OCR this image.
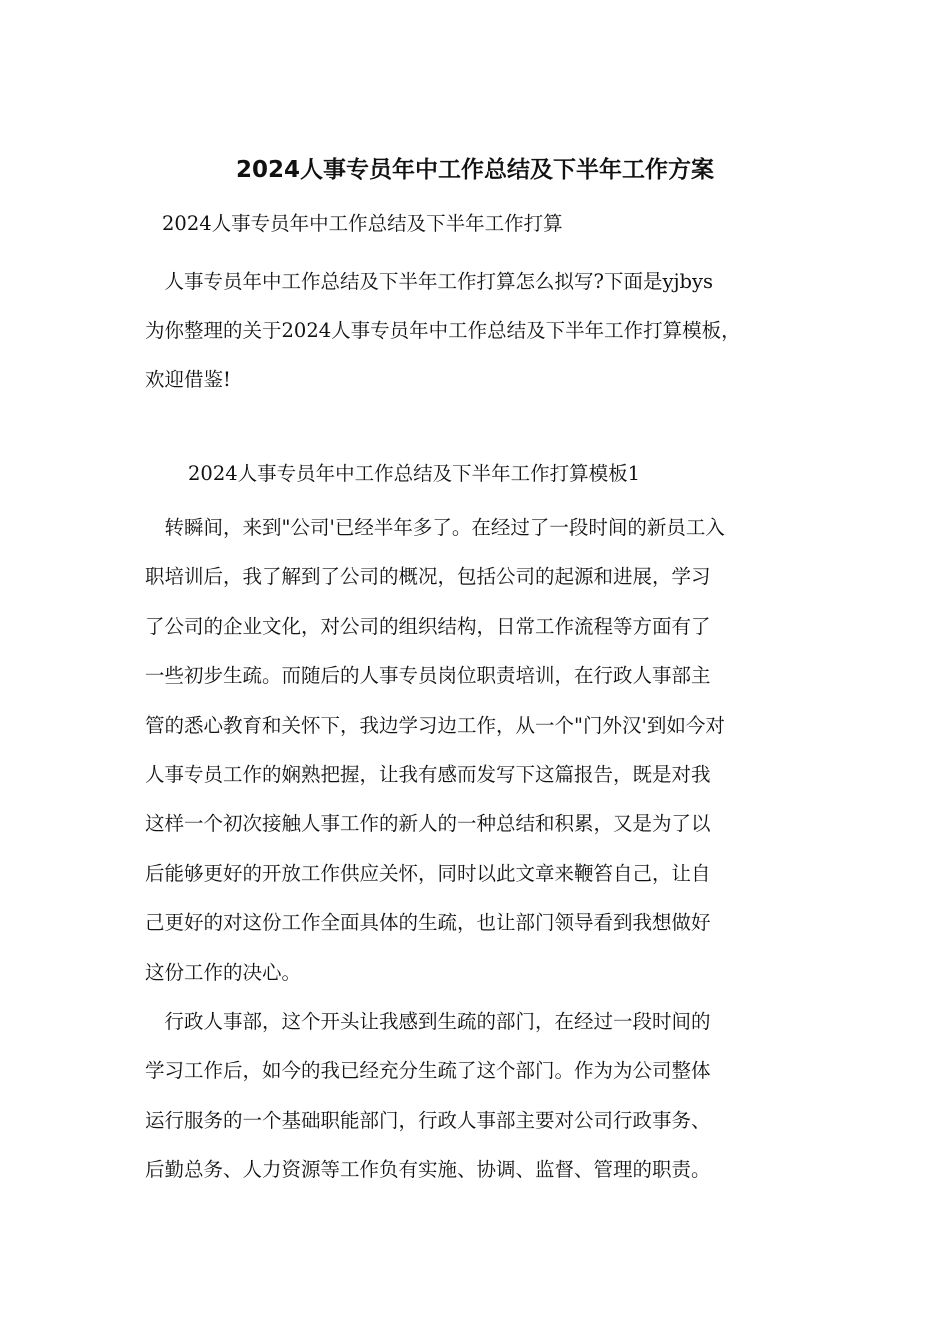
2024人事专员年中工作总结及下半年工作方案

2024人事专员年中工作总结及下半年工作打算

　人事专员年中工作总结及下半年工作打算怎么拟写?下面是yjbys
为你整理的关于2024人事专员年中工作总结及下半年工作打算模板，
欢迎借鉴!

2024人事专员年中工作总结及下半年工作打算模板1

　转瞬间，来到"公司'已经半年多了。在经过了一段时间的新员工入
职培训后，我了解到了公司的概况，包括公司的起源和进展，学习
了公司的企业文化，对公司的组织结构，日常工作流程等方面有了
一些初步生疏。而随后的人事专员岗位职责培训，在行政人事部主
管的悉心教育和关怀下，我边学习边工作，从一个"门外汉'到如今对
人事专员工作的娴熟把握，让我有感而发写下这篇报告，既是对我
这样一个初次接触人事工作的新人的一种总结和积累，又是为了以
后能够更好的开放工作供应关怀，同时以此文章来鞭笞自己，让自
己更好的对这份工作全面具体的生疏，也让部门领导看到我想做好
这份工作的决心。
　行政人事部，这个开头让我感到生疏的部门，在经过一段时间的
学习工作后，如今的我已经充分生疏了这个部门。作为为公司整体
运行服务的一个基础职能部门，行政人事部主要对公司行政事务、
后勤总务、人力资源等工作负有实施、协调、监督、管理的职责。
